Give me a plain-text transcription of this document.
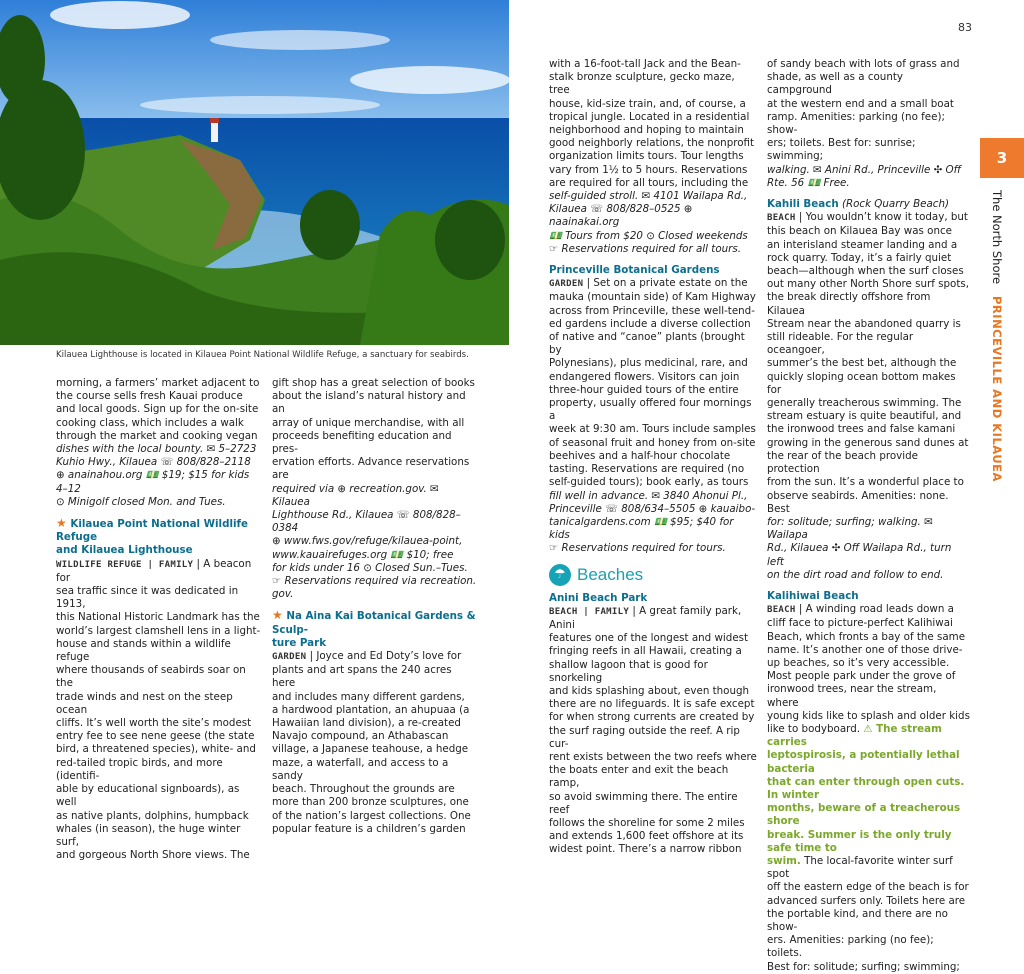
Kilauea Lighthouse is located in Kilauea Point National Wildlife Refuge, a sanctuary for seabirds.
83
3
The North Shore PRINCEVILLE AND KILAUEA

morning, a farmers’ market adjacent to

the course sells fresh Kauai produce

and local goods. Sign up for the on-site

cooking class, which includes a walk

through the market and cooking vegan

dishes with the local bounty. ✉ 5–2723

Kuhio Hwy., Kilauea ☏ 808/828–2118

⊕ anainahou.org 💵 $19; $15 for kids 4–12

⊙ Minigolf closed Mon. and Tues.

★ Kilauea Point National Wildlife Refuge

and Kilauea Lighthouse

WILDLIFE REFUGE | FAMILY | A beacon for

sea traffic since it was dedicated in 1913,

this National Historic Landmark has the

world’s largest clamshell lens in a light-

house and stands within a wildlife refuge

where thousands of seabirds soar on the

trade winds and nest on the steep ocean

cliffs. It’s well worth the site’s modest

entry fee to see nene geese (the state

bird, a threatened species), white- and

red-tailed tropic birds, and more (identifi-

able by educational signboards), as well

as native plants, dolphins, humpback

whales (in season), the huge winter surf,

and gorgeous North Shore views. The

gift shop has a great selection of books

about the island’s natural history and an

array of unique merchandise, with all

proceeds benefiting education and pres-

ervation efforts. Advance reservations are

required via ⊕ recreation.gov. ✉ Kilauea

Lighthouse Rd., Kilauea ☏ 808/828–0384

⊕ www.fws.gov/refuge/kilauea-point,

www.kauairefuges.org 💵 $10; free

for kids under 16 ⊙ Closed Sun.–Tues.

☞ Reservations required via recreation.

gov.

★ Na Aina Kai Botanical Gardens & Sculp-

ture Park

GARDEN | Joyce and Ed Doty’s love for

plants and art spans the 240 acres here

and includes many different gardens,

a hardwood plantation, an ahupuaa (a

Hawaiian land division), a re-created

Navajo compound, an Athabascan

village, a Japanese teahouse, a hedge

maze, a waterfall, and access to a sandy

beach. Throughout the grounds are

more than 200 bronze sculptures, one

of the nation’s largest collections. One

popular feature is a children’s garden

with a 16-foot-tall Jack and the Bean-

stalk bronze sculpture, gecko maze, tree

house, kid-size train, and, of course, a

tropical jungle. Located in a residential

neighborhood and hoping to maintain

good neighborly relations, the nonprofit

organization limits tours. Tour lengths

vary from 1½ to 5 hours. Reservations

are required for all tours, including the

self-guided stroll. ✉ 4101 Wailapa Rd.,

Kilauea ☏ 808/828–0525 ⊕ naainakai.org

💵 Tours from $20 ⊙ Closed weekends

☞ Reservations required for all tours.

Princeville Botanical Gardens

GARDEN | Set on a private estate on the

mauka (mountain side) of Kam Highway

across from Princeville, these well-tend-

ed gardens include a diverse collection

of native and “canoe” plants (brought by

Polynesians), plus medicinal, rare, and

endangered flowers. Visitors can join

three-hour guided tours of the entire

property, usually offered four mornings a

week at 9:30 am. Tours include samples

of seasonal fruit and honey from on-site

beehives and a half-hour chocolate

tasting. Reservations are required (no

self-guided tours); book early, as tours

fill well in advance. ✉ 3840 Ahonui Pl.,

Princeville ☏ 808/634–5505 ⊕ kauaibo-

tanicalgardens.com 💵 $95; $40 for kids

☞ Reservations required for tours.

☂ Beaches

Anini Beach Park

BEACH | FAMILY | A great family park, Anini

features one of the longest and widest

fringing reefs in all Hawaii, creating a

shallow lagoon that is good for snorkeling

and kids splashing about, even though

there are no lifeguards. It is safe except

for when strong currents are created by

the surf raging outside the reef. A rip cur-

rent exists between the two reefs where

the boats enter and exit the beach ramp,

so avoid swimming there. The entire reef

follows the shoreline for some 2 miles

and extends 1,600 feet offshore at its

widest point. There’s a narrow ribbon

of sandy beach with lots of grass and

shade, as well as a county campground

at the western end and a small boat

ramp. Amenities: parking (no fee); show-

ers; toilets. Best for: sunrise; swimming;

walking. ✉ Anini Rd., Princeville ✣ Off

Rte. 56 💵 Free.

Kahili Beach (Rock Quarry Beach)

BEACH | You wouldn’t know it today, but

this beach on Kilauea Bay was once

an interisland steamer landing and a

rock quarry. Today, it’s a fairly quiet

beach—although when the surf closes

out many other North Shore surf spots,

the break directly offshore from Kilauea

Stream near the abandoned quarry is

still rideable. For the regular oceangoer,

summer’s the best bet, although the

quickly sloping ocean bottom makes for

generally treacherous swimming. The

stream estuary is quite beautiful, and

the ironwood trees and false kamani

growing in the generous sand dunes at

the rear of the beach provide protection

from the sun. It’s a wonderful place to

observe seabirds. Amenities: none. Best

for: solitude; surfing; walking. ✉ Wailapa

Rd., Kilauea ✣ Off Wailapa Rd., turn left

on the dirt road and follow to end.

Kalihiwai Beach

BEACH | A winding road leads down a

cliff face to picture-perfect Kalihiwai

Beach, which fronts a bay of the same

name. It’s another one of those drive-

up beaches, so it’s very accessible.

Most people park under the grove of

ironwood trees, near the stream, where

young kids like to splash and older kids

like to bodyboard. ⚠ The stream carries

leptospirosis, a potentially lethal bacteria

that can enter through open cuts. In winter

months, beware of a treacherous shore

break. Summer is the only truly safe time to

swim. The local-favorite winter surf spot

off the eastern edge of the beach is for

advanced surfers only. Toilets here are

the portable kind, and there are no show-

ers. Amenities: parking (no fee); toilets.

Best for: solitude; surfing; swimming;
